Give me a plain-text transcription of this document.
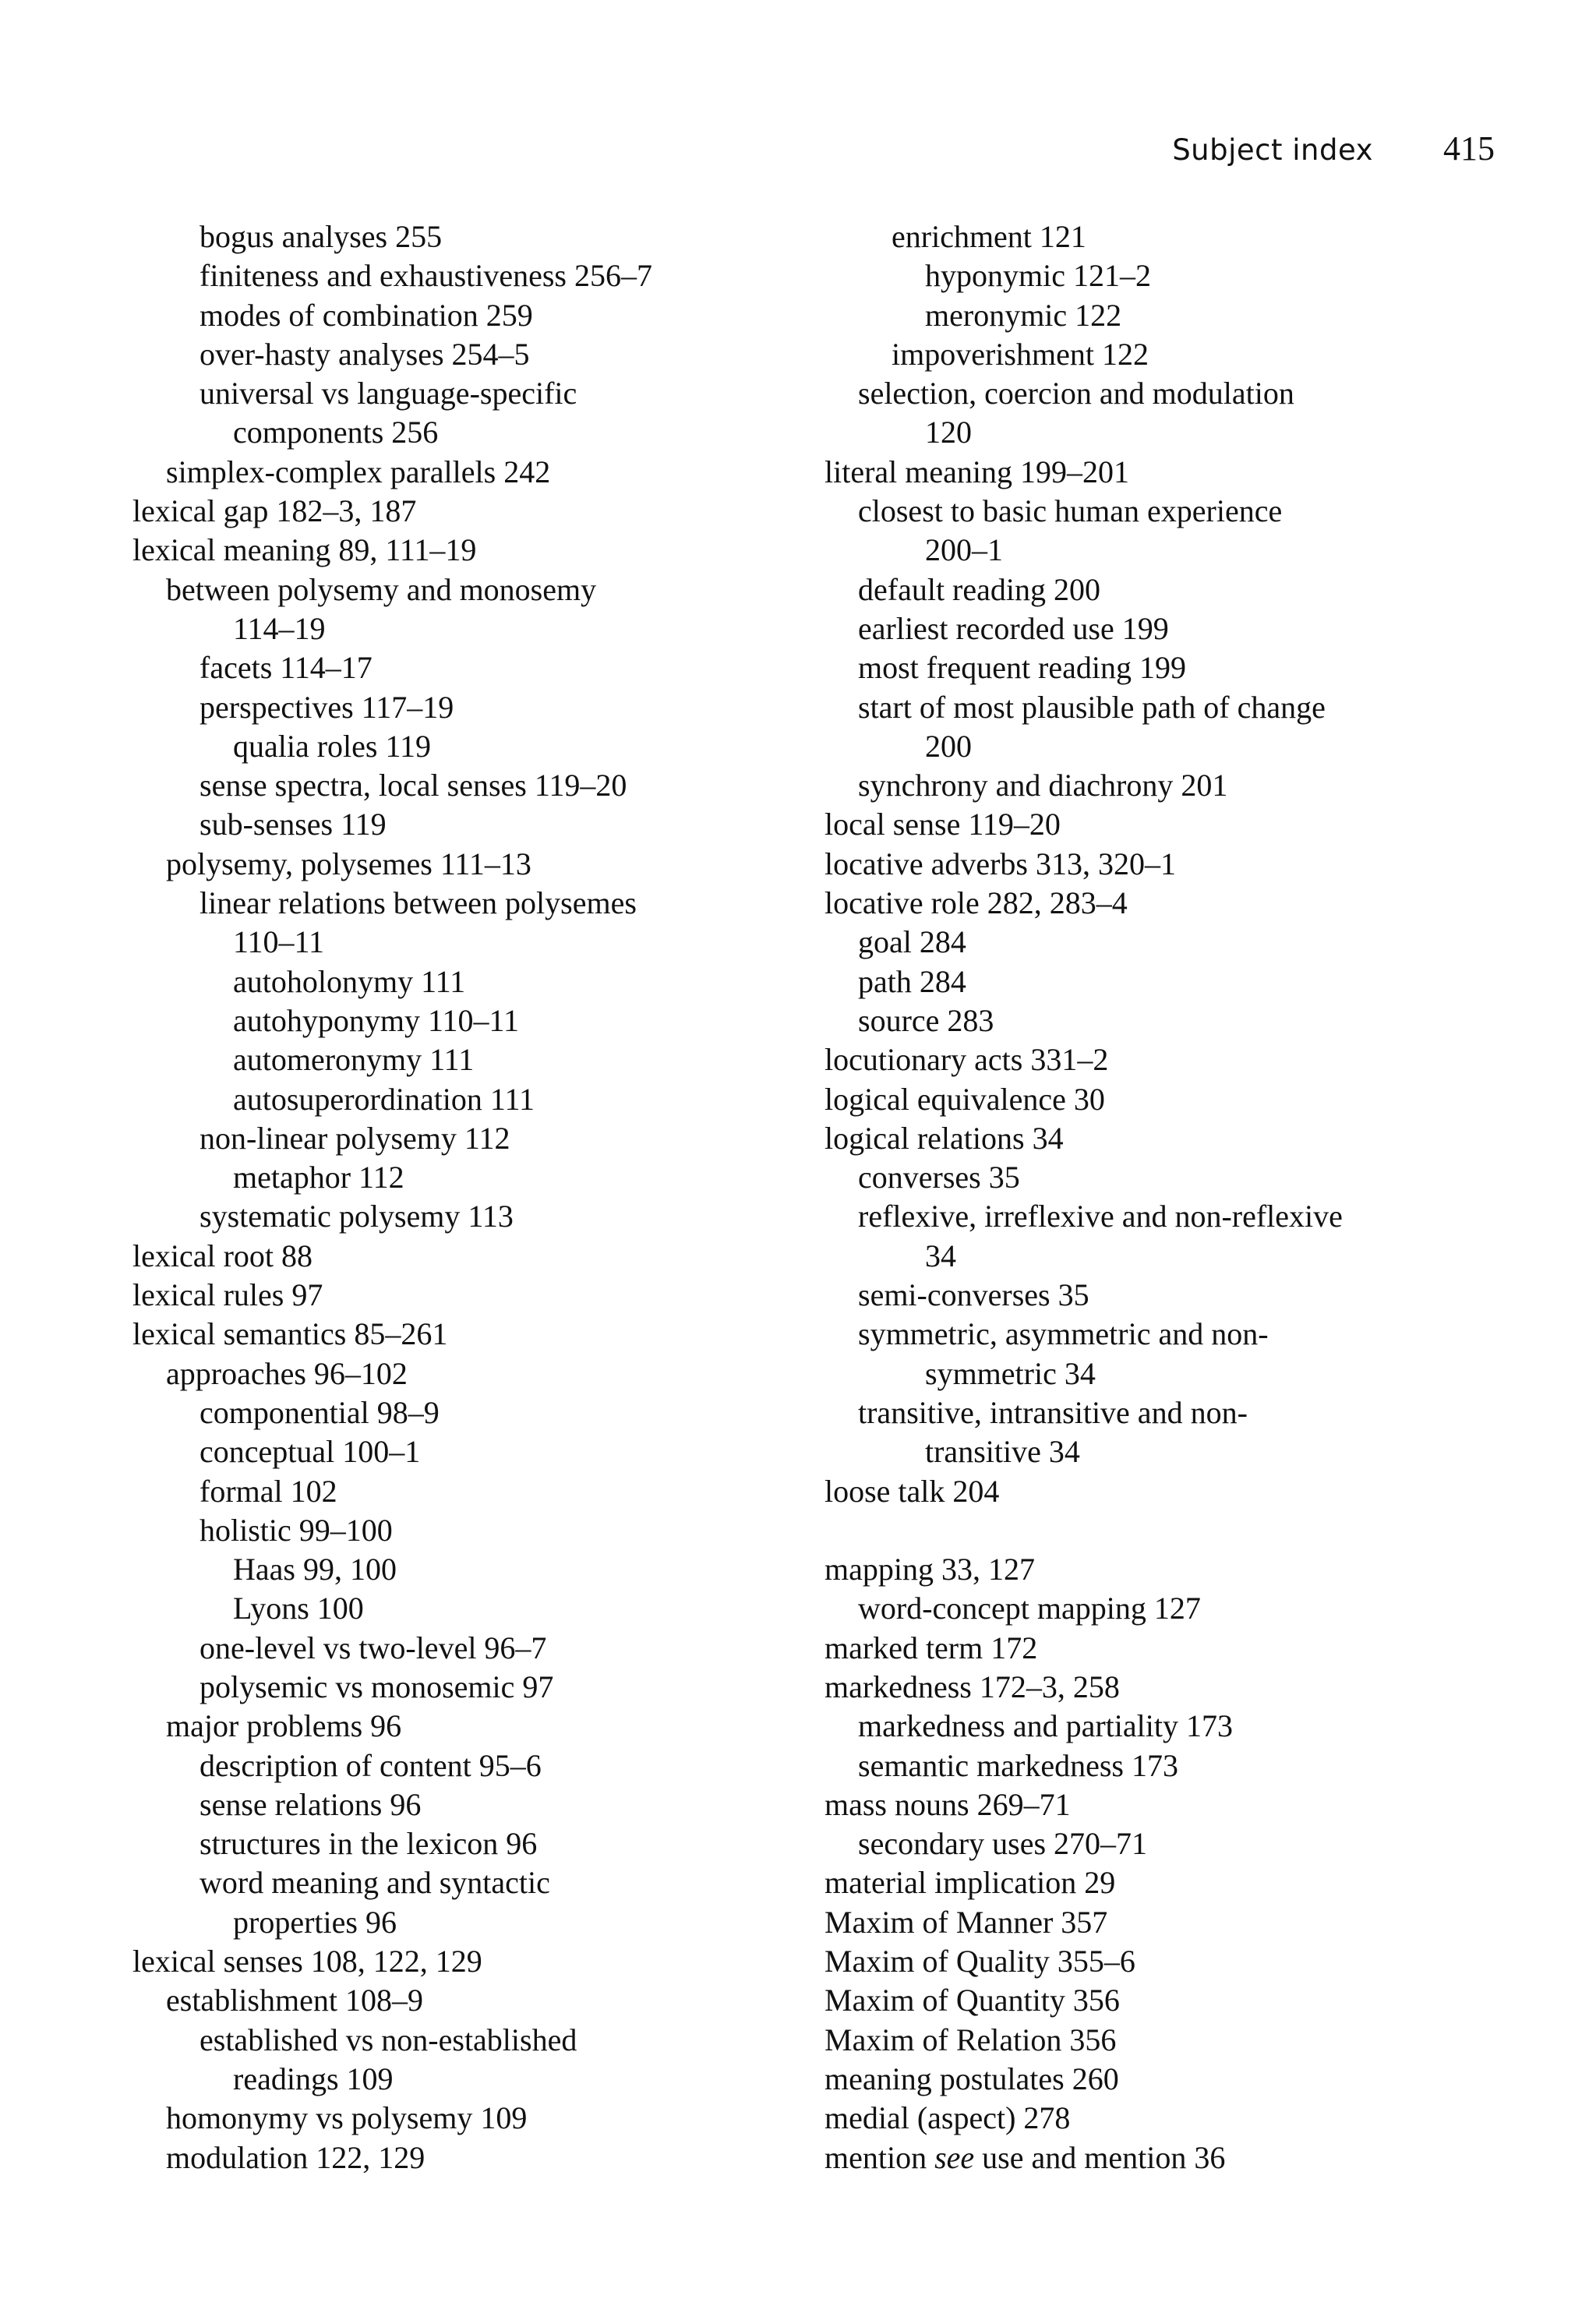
Subject index 415
bogus analyses 255
finiteness and exhaustiveness 256–7
modes of combination 259
over-hasty analyses 254–5
universal vs language-specific
components 256
simplex-complex parallels 242
lexical gap 182–3, 187
lexical meaning 89, 111–19
between polysemy and monosemy
114–19
facets 114–17
perspectives 117–19
qualia roles 119
sense spectra, local senses 119–20
sub-senses 119
polysemy, polysemes 111–13
linear relations between polysemes
110–11
autoholonymy 111
autohyponymy 110–11
automeronymy 111
autosuperordination 111
non-linear polysemy 112
metaphor 112
systematic polysemy 113
lexical root 88
lexical rules 97
lexical semantics 85–261
approaches 96–102
componential 98–9
conceptual 100–1
formal 102
holistic 99–100
Haas 99, 100
Lyons 100
one-level vs two-level 96–7
polysemic vs monosemic 97
major problems 96
description of content 95–6
sense relations 96
structures in the lexicon 96
word meaning and syntactic
properties 96
lexical senses 108, 122, 129
establishment 108–9
established vs non-established
readings 109
homonymy vs polysemy 109
modulation 122, 129
enrichment 121
hyponymic 121–2
meronymic 122
impoverishment 122
selection, coercion and modulation
120
literal meaning 199–201
closest to basic human experience
200–1
default reading 200
earliest recorded use 199
most frequent reading 199
start of most plausible path of change
200
synchrony and diachrony 201
local sense 119–20
locative adverbs 313, 320–1
locative role 282, 283–4
goal 284
path 284
source 283
locutionary acts 331–2
logical equivalence 30
logical relations 34
converses 35
reflexive, irreflexive and non-reflexive
34
semi-converses 35
symmetric, asymmetric and non-
symmetric 34
transitive, intransitive and non-
transitive 34
loose talk 204
mapping 33, 127
word-concept mapping 127
marked term 172
markedness 172–3, 258
markedness and partiality 173
semantic markedness 173
mass nouns 269–71
secondary uses 270–71
material implication 29
Maxim of Manner 357
Maxim of Quality 355–6
Maxim of Quantity 356
Maxim of Relation 356
meaning postulates 260
medial (aspect) 278
mention see use and mention 36
